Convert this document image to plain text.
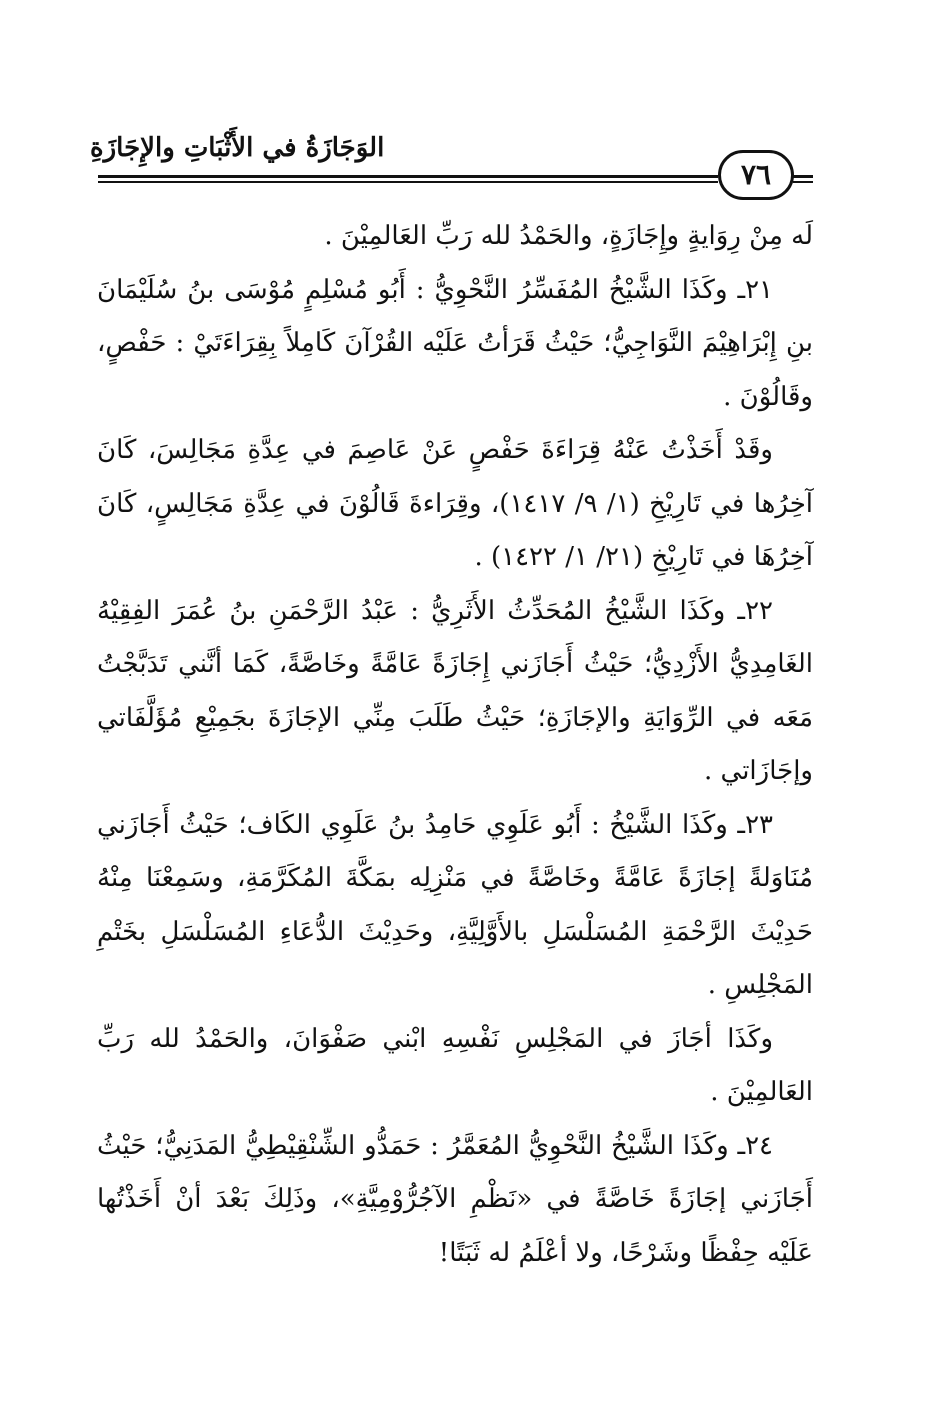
الوَجَازَةُ في الأَثْبَاتِ والإِجَازَةِ
٧٦

لَه مِنْ رِوَايةٍ وإِجَازَةٍ، والحَمْدُ لله رَبِّ العَالمِيْنَ .

٢١ـ وكَذَا الشَّيْخُ المُفَسِّرُ النَّحْوِيُّ : أَبُو مُسْلِمٍ مُوْسَى بنُ سُلَيْمَانَ بنِ إِبْرَاهِيْمَ النَّوَاجِيُّ؛ حَيْثُ قَرَأتُ عَلَيْه القُرْآنَ كَامِلاً بِقِرَاءَتَيْ : حَفْصٍ، وقَالُوْنَ .

وقَدْ أَخَذْتُ عَنْهُ قِرَاءَةَ حَفْصٍ عَنْ عَاصِمَ في عِدَّةِ مَجَالِسَ، كَانَ آخِرُها في تَارِيْخِ (١/ ٩/ ١٤١٧)، وقِرَاءةَ قَالُوْنَ في عِدَّةِ مَجَالِسٍ، كَانَ آخِرُهَا في تَارِيْخِ (٢١/ ١/ ١٤٢٢) .

٢٢ـ وكَذَا الشَّيْخُ المُحَدِّثُ الأَثَرِيُّ : عَبْدُ الرَّحْمَنِ بنُ عُمَرَ الفِقِيْهُ الغَامِدِيُّ الأَزْدِيُّ؛ حَيْثُ أَجَازَني إِجَازَةً عَامَّةً وخَاصَّةً، كَمَا أنَّني تَدَبَّجْتُ مَعَه في الرِّوَايَةِ والإجَازَةِ؛ حَيْثُ طَلَبَ مِنِّي الإجَازَةَ بجَمِيْعِ مُؤَلَّفَاتي وإجَازَاتي .

٢٣ـ وكَذَا الشَّيْخُ : أَبُو عَلَوِي حَامِدُ بنُ عَلَوِي الكَاف؛ حَيْثُ أَجَازَني مُنَاوَلةً إجَازَةً عَامَّةً وخَاصَّةً في مَنْزِلِه بمَكَّةَ المُكَرَّمَةِ، وسَمِعْنَا مِنْهُ حَدِيْثَ الرَّحْمَةِ المُسَلْسَلِ بالأَوَّلِيَّةِ، وحَدِيْثَ الدُّعَاءِ المُسَلْسَلِ بخَتْمِ المَجْلِسِ .

وكَذَا أجَازَ في المَجْلِسِ نَفْسِهِ ابْني صَفْوَانَ، والحَمْدُ لله رَبِّ العَالمِيْنَ .

٢٤ـ وكَذَا الشَّيْخُ النَّحْوِيُّ المُعَمَّرُ : حَمَدُّو الشِّنْقِيْطِيُّ المَدَنِيُّ؛ حَيْثُ أَجَازَني إجَازَةً خَاصَّةً في «نَظْمِ الآجُرُّوْمِيَّةِ»، وذَلِكَ بَعْدَ أنْ أَخَذْتُها عَلَيْه حِفْظًا وشَرْحًا، ولا أعْلَمُ له ثَبَتًا!
